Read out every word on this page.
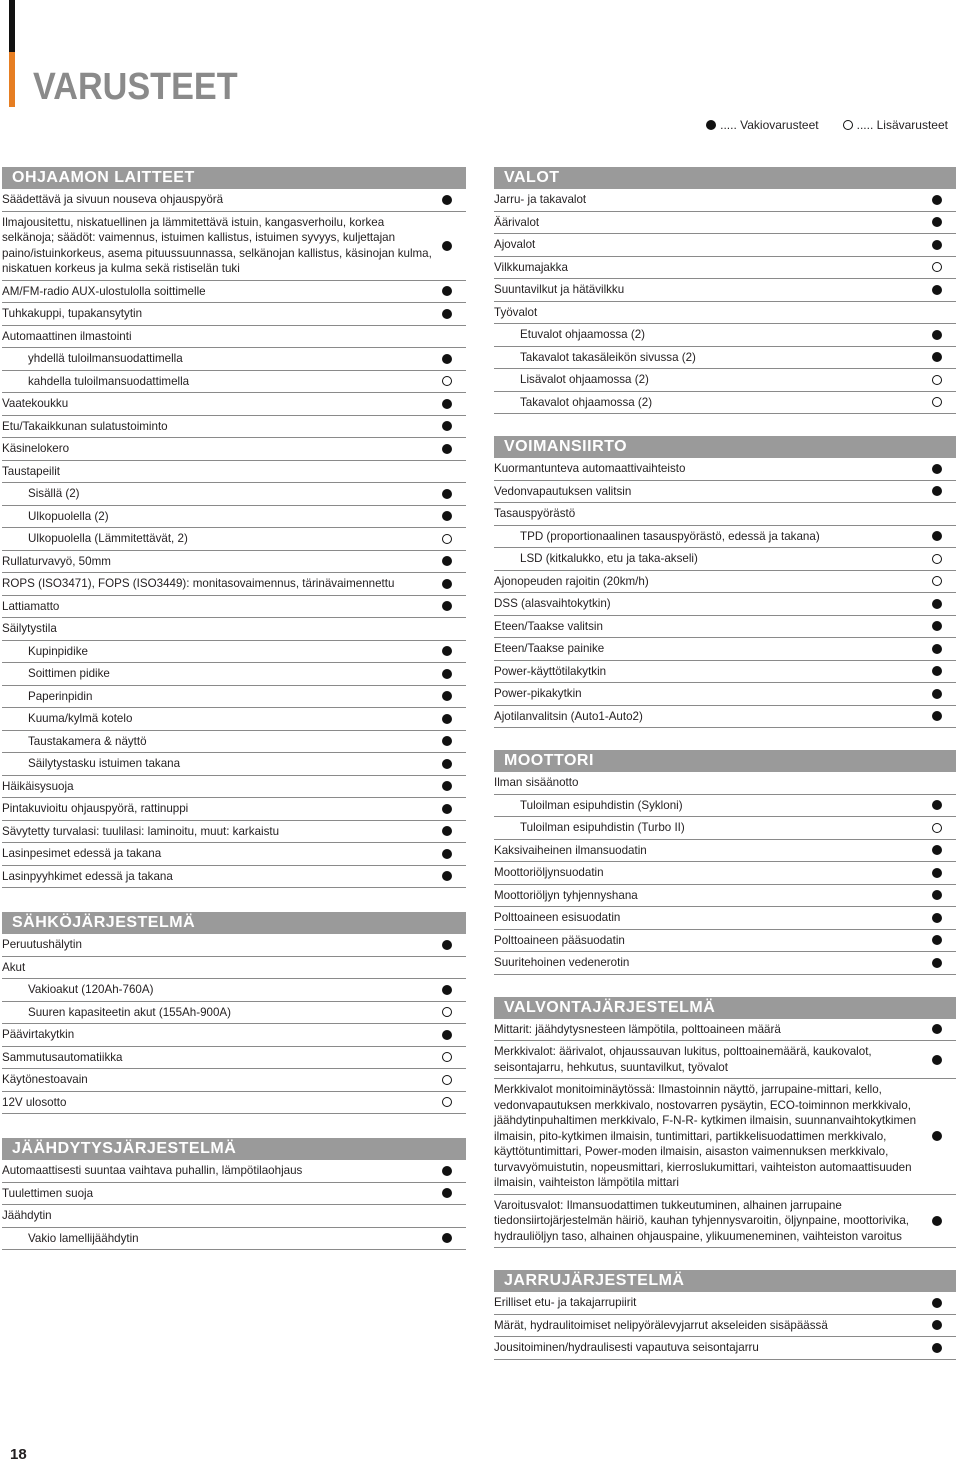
VARUSTEET
..... Vakiovarusteet	..... Lisävarusteet
OHJAAMON LAITTEET
Säädettävä ja sivuun nouseva ohjauspyörä
Ilmajousitettu, niskatuellinen ja lämmitettävä istuin, kangasverhoilu, korkea selkänoja; säädöt: vaimennus, istuimen kallistus, istuimen syvyys, kuljettajan paino/istuinkorkeus, asema pituussuunnassa, selkänojan kallistus, käsinojan kulma, niskatuen korkeus ja kulma sekä ristiselän tuki
AM/FM-radio AUX-ulostulolla soittimelle
Tuhkakuppi, tupakansytytin
Automaattinen ilmastointi
yhdellä tuloilmansuodattimella
kahdella tuloilmansuodattimella
Vaatekoukku
Etu/Takaikkunan sulatustoiminto
Käsinelokero
Taustapeilit
Sisällä (2)
Ulkopuolella (2)
Ulkopuolella (Lämmitettävät, 2)
Rullaturvavyö, 50mm
ROPS (ISO3471), FOPS (ISO3449): monitasovaimennus, tärinävaimennettu
Lattiamatto
Säilytystila
Kupinpidike
Soittimen pidike
Paperinpidin
Kuuma/kylmä kotelo
Taustakamera & näyttö
Säilytystasku istuimen takana
Häikäisysuoja
Pintakuvioitu ohjauspyörä, rattinuppi
Sävytetty turvalasi: tuulilasi: laminoitu, muut: karkaistu
Lasinpesimet edessä ja takana
Lasinpyyhkimet edessä ja takana
SÄHKÖJÄRJESTELMÄ
Peruutushälytin
Akut
Vakioakut (120Ah-760A)
Suuren kapasiteetin akut (155Ah-900A)
Päävirtakytkin
Sammutusautomatiikka
Käytönestoavain
12V ulosotto
JÄÄHDYTYSJÄRJESTELMÄ
Automaattisesti suuntaa vaihtava puhallin, lämpötilaohjaus
Tuulettimen suoja
Jäähdytin
Vakio lamellijäähdytin
VALOT
Jarru- ja takavalot
Äärivalot
Ajovalot
Vilkkumajakka
Suuntavilkut ja hätävilkku
Työvalot
Etuvalot ohjaamossa (2)
Takavalot takasäleikön sivussa (2)
Lisävalot ohjaamossa (2)
Takavalot ohjaamossa (2)
VOIMANSIIRTO
Kuormantunteva automaattivaihteisto
Vedonvapautuksen valitsin
Tasauspyörästö
TPD (proportionaalinen tasauspyörästö, edessä ja takana)
LSD (kitkalukko, etu ja taka-akseli)
Ajonopeuden rajoitin (20km/h)
DSS (alasvaihtokytkin)
Eteen/Taakse valitsin
Eteen/Taakse painike
Power-käyttötilakytkin
Power-pikakytkin
Ajotilanvalitsin (Auto1-Auto2)
MOOTTORI
Ilman sisäänotto
Tuloilman esipuhdistin (Sykloni)
Tuloilman esipuhdistin (Turbo II)
Kaksivaiheinen ilmansuodatin
Moottoriöljynsuodatin
Moottoriöljyn tyhjennyshana
Polttoaineen esisuodatin
Polttoaineen pääsuodatin
Suuritehoinen vedenerotin
VALVONTAJÄRJESTELMÄ
Mittarit: jäähdytysnesteen lämpötila, polttoaineen määrä
Merkkivalot: äärivalot, ohjaussauvan lukitus, polttoainemäärä, kaukovalot, seisontajarru, hehkutus, suuntavilkut, työvalot
Merkkivalot monitoiminäytössä: Ilmastoinnin näyttö, jarrupaine-mittari, kello, vedonvapautuksen merkkivalo, nostovarren pysäytin, ECO-toiminnon merkkivalo, jäähdytinpuhaltimen merkkivalo, F-N-R- kytkimen ilmaisin, suunnanvaihtokytkimen ilmaisin, pito-kytkimen ilmaisin, tuntimittari, partikkelisuodattimen merkkivalo, käyttötuntimittari, Power-moden ilmaisin, aisaston vaimennuksen merkkivalo, turvavyömuistutin, nopeusmittari, kierroslukumittari, vaihteiston automaattisuuden ilmaisin, vaihteiston lämpötila mittari
Varoitusvalot: Ilmansuodattimen tukkeutuminen, alhainen jarrupaine tiedonsiirtojärjestelmän häiriö, kauhan tyhjennysvaroitin, öljynpaine, moottorivika, hydrauliöljyn taso, alhainen ohjauspaine, ylikuumeneminen, vaihteiston varoitus
JARRUJÄRJESTELMÄ
Erilliset etu- ja takajarrupiirit
Märät, hydraulitoimiset nelipyörälevyjarrut akseleiden sisäpäässä
Jousitoiminen/hydraulisesti vapautuva seisontajarru
18
